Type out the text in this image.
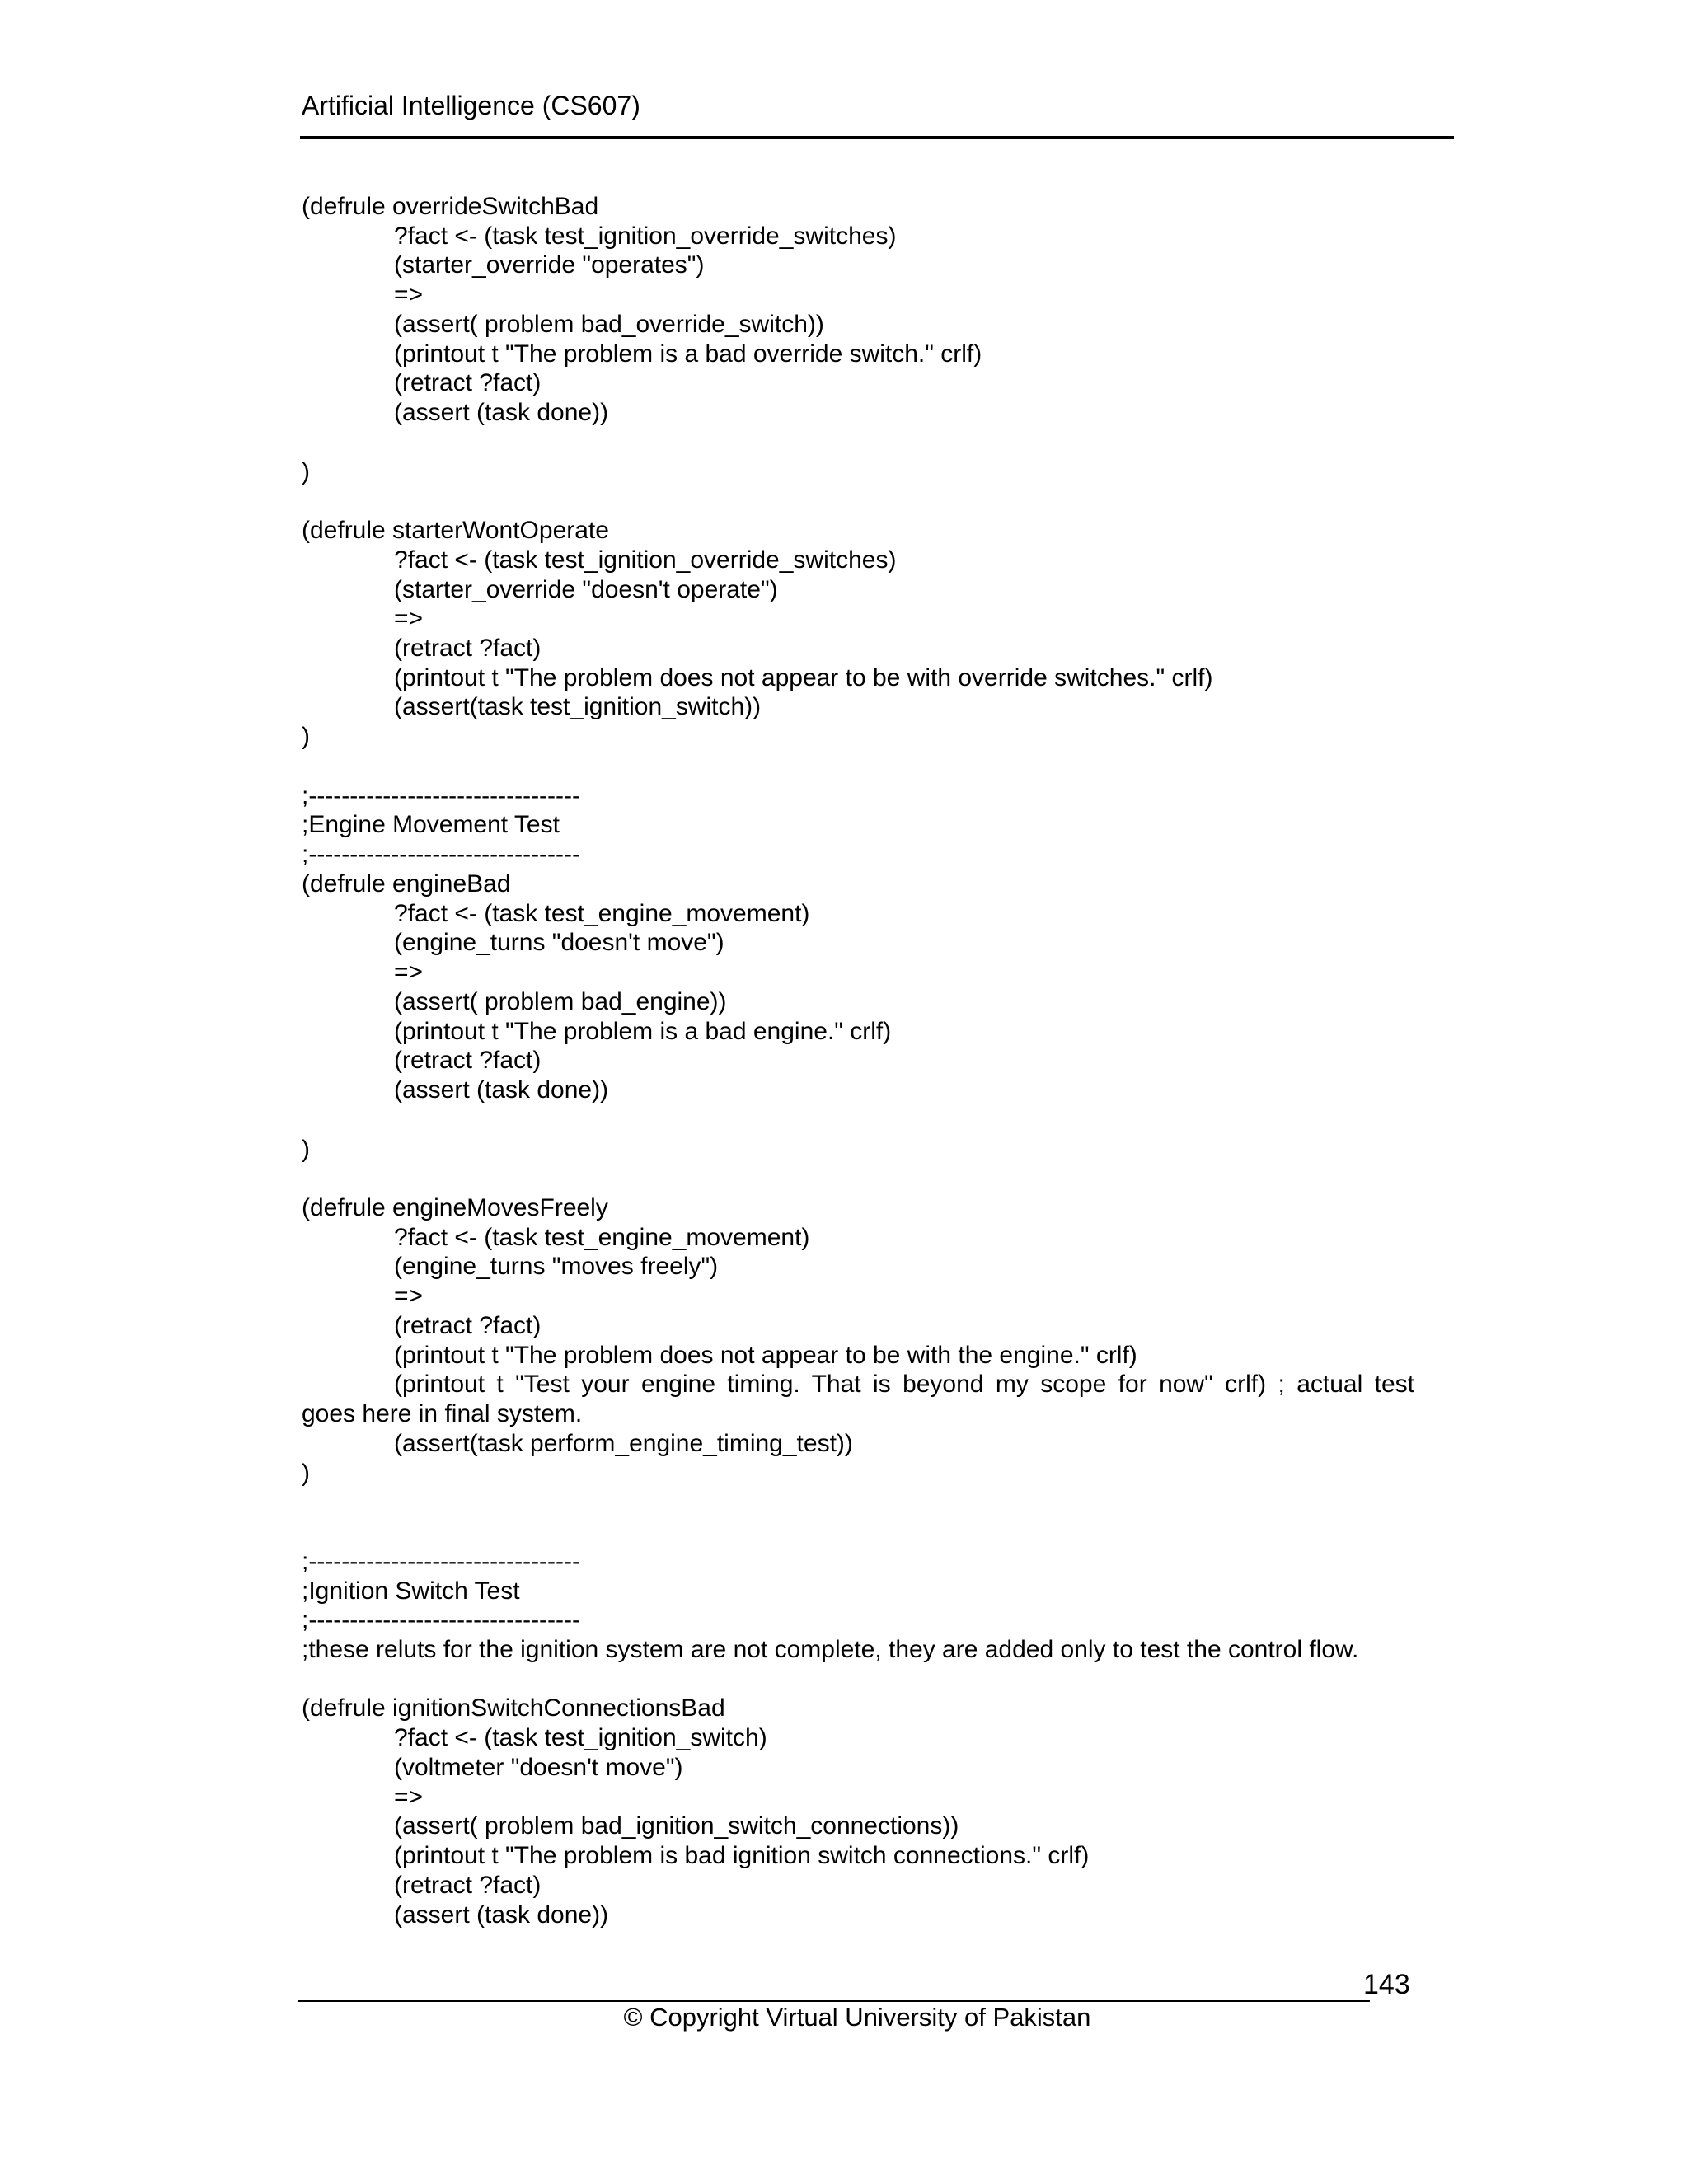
Artificial Intelligence (CS607)
(defrule overrideSwitchBad
?fact <- (task test_ignition_override_switches)
(starter_override "operates")
=>
(assert( problem bad_override_switch))
(printout t "The problem is a bad override switch." crlf)
(retract ?fact)
(assert (task done))
)
(defrule starterWontOperate
?fact <- (task test_ignition_override_switches)
(starter_override "doesn't operate")
=>
(retract ?fact)
(printout t "The problem does not appear to be with override switches." crlf)
(assert(task test_ignition_switch))
)
;---------------------------------
;Engine Movement Test
;---------------------------------
(defrule engineBad
?fact <- (task test_engine_movement)
(engine_turns "doesn't move")
=>
(assert( problem bad_engine))
(printout t "The problem is a bad engine." crlf)
(retract ?fact)
(assert (task done))
)
(defrule engineMovesFreely
?fact <- (task test_engine_movement)
(engine_turns "moves freely")
=>
(retract ?fact)
(printout t "The problem does not appear to be with the engine." crlf)
(printout t "Test your engine timing. That is beyond my scope for now" crlf) ; actual test
goes here in final system.
(assert(task perform_engine_timing_test))
)
;---------------------------------
;Ignition Switch Test
;---------------------------------
;these reluts for the ignition system are not complete, they are added only to test the control flow.
(defrule ignitionSwitchConnectionsBad
?fact <- (task test_ignition_switch)
(voltmeter "doesn't move")
=>
(assert( problem bad_ignition_switch_connections))
(printout t "The problem is bad ignition switch connections." crlf)
(retract ?fact)
(assert (task done))
143
© Copyright Virtual University of Pakistan
